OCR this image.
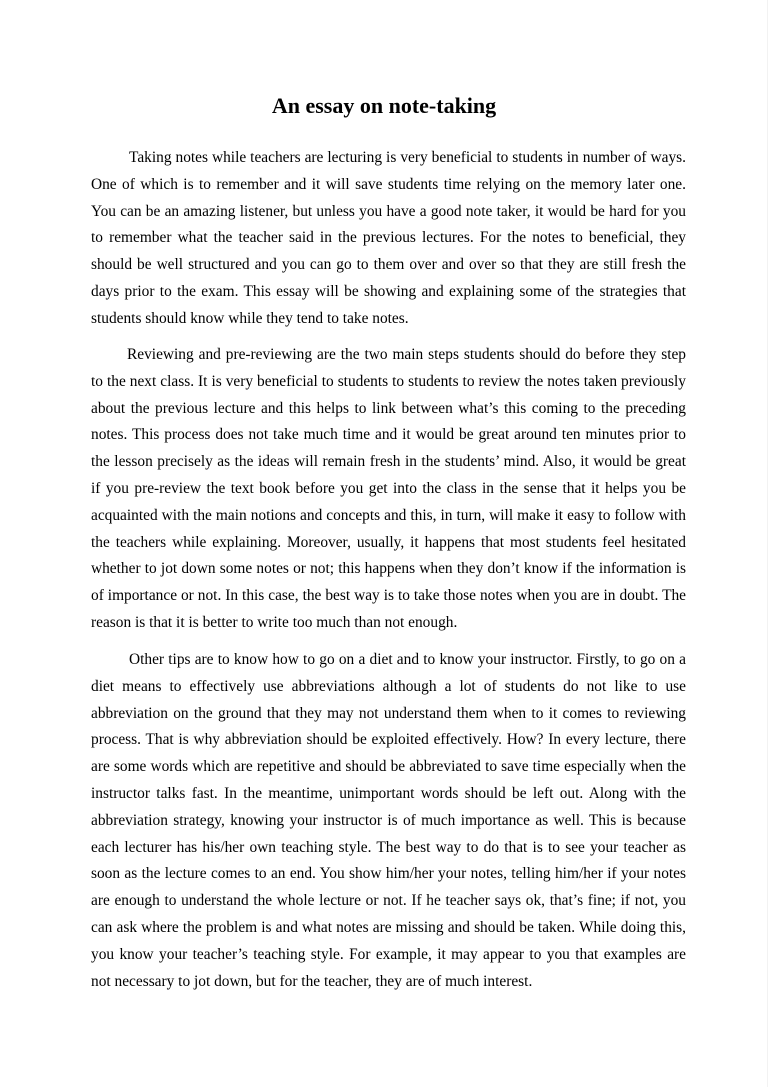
An essay on note-taking

Taking notes while teachers are lecturing is very beneficial to students in number of ways. One of which is to remember and it will save students time relying on the memory later one. You can be an amazing listener, but unless you have a good note taker, it would be hard for you to remember what the teacher said in the previous lectures. For the notes to beneficial, they should be well structured and you can go to them over and over so that they are still fresh the days prior to the exam. This essay will be showing and explaining some of the strategies that students should know while they tend to take notes.

Reviewing and pre-reviewing are the two main steps students should do before they step to the next class. It is very beneficial to students to students to review the notes taken previously about the previous lecture and this helps to link between what’s this coming to the preceding notes. This process does not take much time and it would be great around ten minutes prior to the lesson precisely as the ideas will remain fresh in the students’ mind. Also, it would be great if you pre-review the text book before you get into the class in the sense that it helps you be acquainted with the main notions and concepts and this, in turn, will make it easy to follow with the teachers while explaining. Moreover, usually, it happens that most students feel hesitated whether to jot down some notes or not; this happens when they don’t know if the information is of importance or not. In this case, the best way is to take those notes when you are in doubt. The reason is that it is better to write too much than not enough.

Other tips are to know how to go on a diet and to know your instructor. Firstly, to go on a diet means to effectively use abbreviations although a lot of students do not like to use abbreviation on the ground that they may not understand them when to it comes to reviewing process. That is why abbreviation should be exploited effectively. How? In every lecture, there are some words which are repetitive and should be abbreviated to save time especially when the instructor talks fast. In the meantime, unimportant words should be left out. Along with the abbreviation strategy, knowing your instructor is of much importance as well. This is because each lecturer has his/her own teaching style. The best way to do that is to see your teacher as soon as the lecture comes to an end. You show him/her your notes, telling him/her if your notes are enough to understand the whole lecture or not. If he teacher says ok, that’s fine; if not, you can ask where the problem is and what notes are missing and should be taken. While doing this, you know your teacher’s teaching style. For example, it may appear to you that examples are not necessary to jot down, but for the teacher, they are of much interest.
